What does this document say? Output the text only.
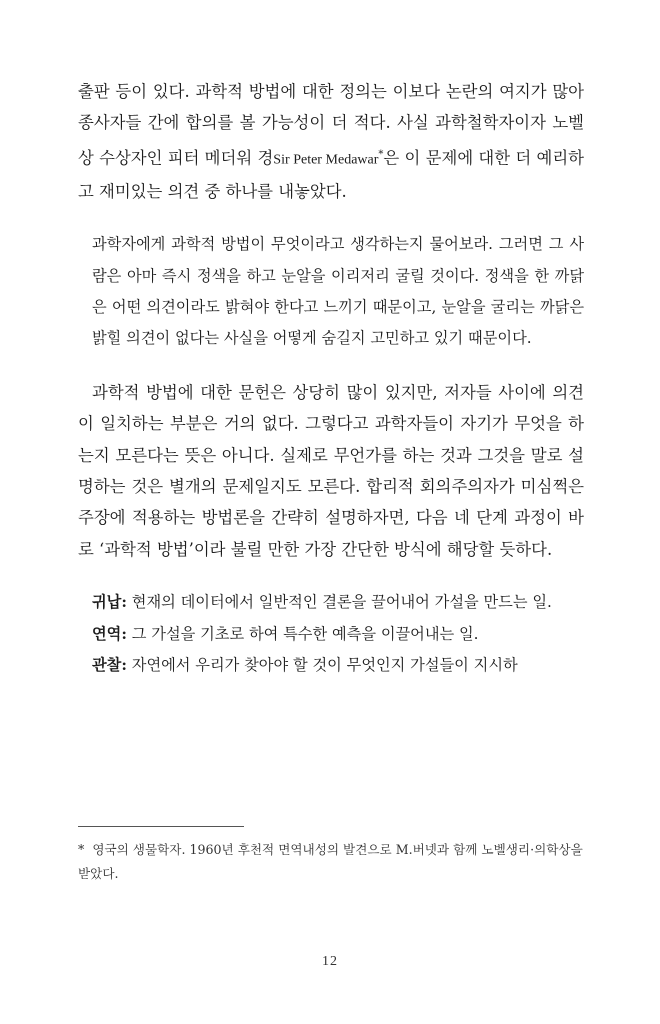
출판 등이 있다. 과학적 방법에 대한 정의는 이보다 논란의 여지가 많아 종사자들 간에 합의를 볼 가능성이 더 적다. 사실 과학철학자이자 노벨상 수상자인 피터 메더워 경Sir Peter Medawar*은 이 문제에 대한 더 예리하고 재미있는 의견 중 하나를 내놓았다.

과학자에게 과학적 방법이 무엇이라고 생각하는지 물어보라. 그러면 그 사람은 아마 즉시 정색을 하고 눈알을 이리저리 굴릴 것이다. 정색을 한 까닭은 어떤 의견이라도 밝혀야 한다고 느끼기 때문이고, 눈알을 굴리는 까닭은 밝힐 의견이 없다는 사실을 어떻게 숨길지 고민하고 있기 때문이다.

과학적 방법에 대한 문헌은 상당히 많이 있지만, 저자들 사이에 의견이 일치하는 부분은 거의 없다. 그렇다고 과학자들이 자기가 무엇을 하는지 모른다는 뜻은 아니다. 실제로 무언가를 하는 것과 그것을 말로 설명하는 것은 별개의 문제일지도 모른다. 합리적 회의주의자가 미심쩍은 주장에 적용하는 방법론을 간략히 설명하자면, 다음 네 단계 과정이 바로 ‘과학적 방법’이라 불릴 만한 가장 간단한 방식에 해당할 듯하다.

귀납: 현재의 데이터에서 일반적인 결론을 끌어내어 가설을 만드는 일.

연역: 그 가설을 기초로 하여 특수한 예측을 이끌어내는 일.

관찰: 자연에서 우리가 찾아야 할 것이 무엇인지 가설들이 지시하

* 영국의 생물학자. 1960년 후천적 면역내성의 발견으로 M.버넷과 함께 노벨생리·의학상을 받았다.
12
